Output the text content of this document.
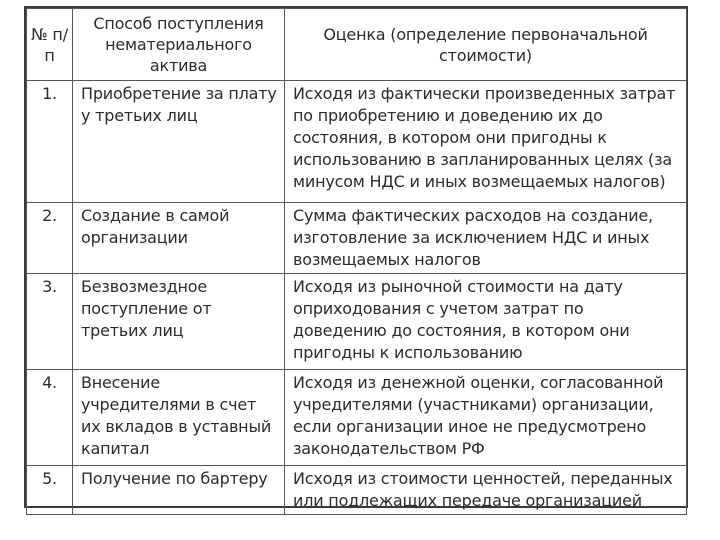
№ п/п	Способ поступления нематериального актива	Оценка (определение первоначальной стоимости)
1.	Приобретение за плату у третьих лиц	Исходя из фактически произведенных затрат по приобретению и доведению их до состояния, в котором они пригодны к использованию в запланированных целях (за минусом НДС и иных возмещаемых налогов)
2.	Создание в самой организации	Сумма фактических расходов на создание, изготовление за исключением НДС и иных возмещаемых налогов
3.	Безвозмездное поступление от третьих лиц	Исходя из рыночной стоимости на дату оприходования с учетом затрат по доведению до состояния, в котором они пригодны к использованию
4.	Внесение учредителями в счет их вкладов в уставный капитал	Исходя из денежной оценки, согласованной учредителями (участниками) организации, если организации иное не предусмотрено законодательством РФ
5.	Получение по бартеру	Исходя из стоимости ценностей, переданных или подлежащих передаче организацией
